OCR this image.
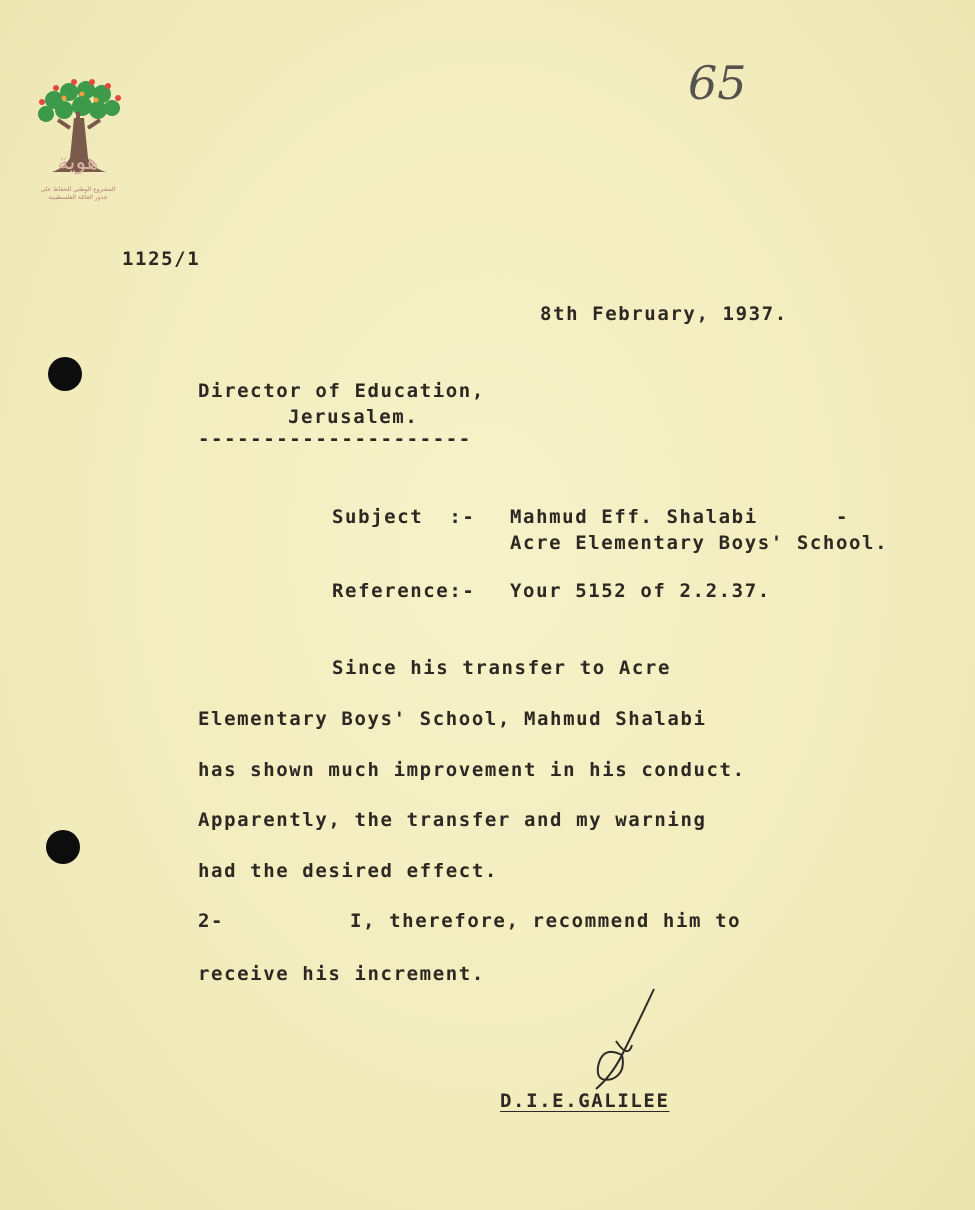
هوية
المشروع الوطني للحفاظ على
جذور العائلة الفلسطينية
65
1125/1
8th February, 1937.
Director of Education,
Jerusalem.
---------------------
Subject  :- Mahmud Eff. Shalabi      -
Acre Elementary Boys' School.
Reference:- Your 5152 of 2.2.37.
Since his transfer to Acre
Elementary Boys' School, Mahmud Shalabi
has shown much improvement in his conduct.
Apparently, the transfer and my warning
had the desired effect.
2-	I, therefore, recommend him to
receive his increment.
D.I.E.GALILEE
